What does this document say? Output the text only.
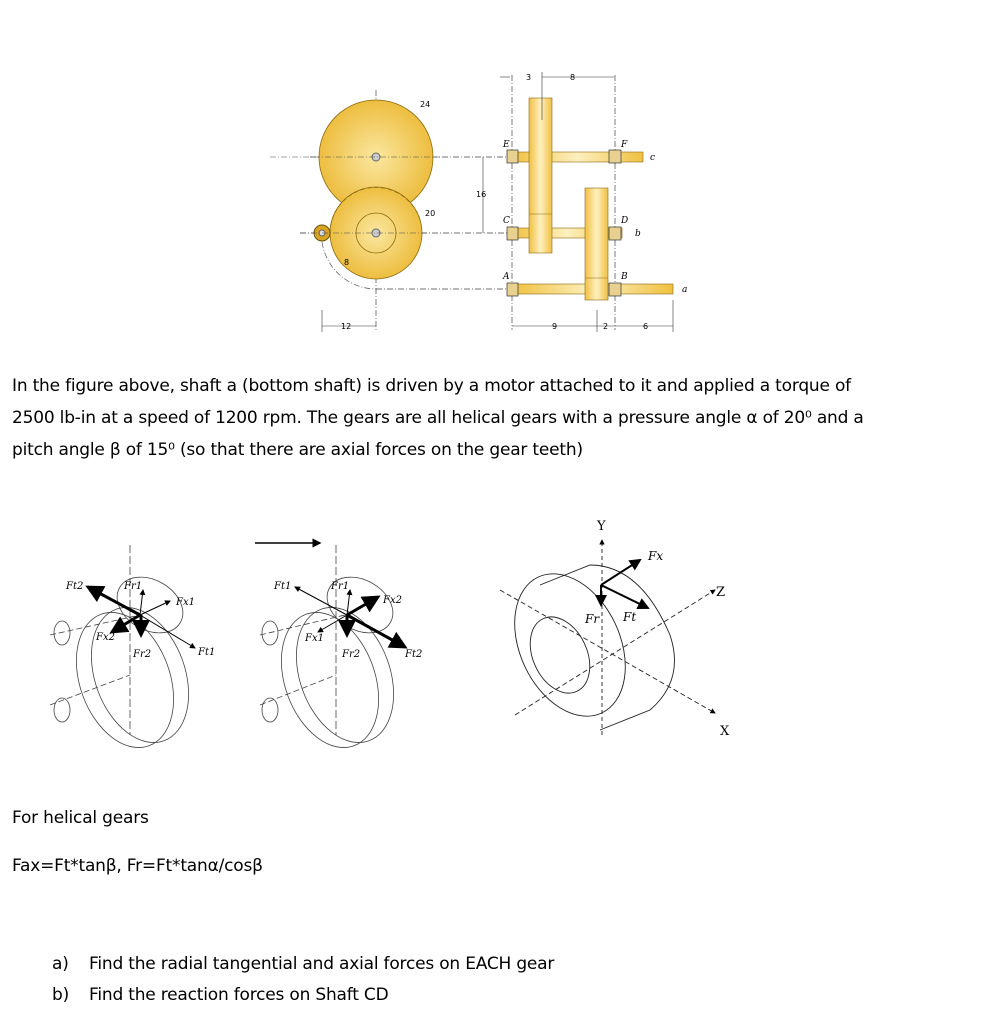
24
3	8
16
20
8
12	9	2	6
E	F
C	D
A	B
c
b
a
In the figure above, shaft a (bottom shaft) is driven by a motor attached to it and applied a torque of
2500 lb-in at a speed of 1200 rpm. The gears are all helical gears with a pressure angle α of 20⁰ and a
pitch angle β of 15⁰ (so that there are axial forces on the gear teeth)
Ft2	Fr1
Fx1
Fx2
Fr2	Ft1
Ft1	Fr1
Fx2
Fx1
Fr2	Ft2
Y
Z
X
Fx
Fr Ft
For helical gears
Fax=Ft*tanβ, Fr=Ft*tanα/cosβ
a) Find the radial tangential and axial forces on EACH gear
b) Find the reaction forces on Shaft CD
